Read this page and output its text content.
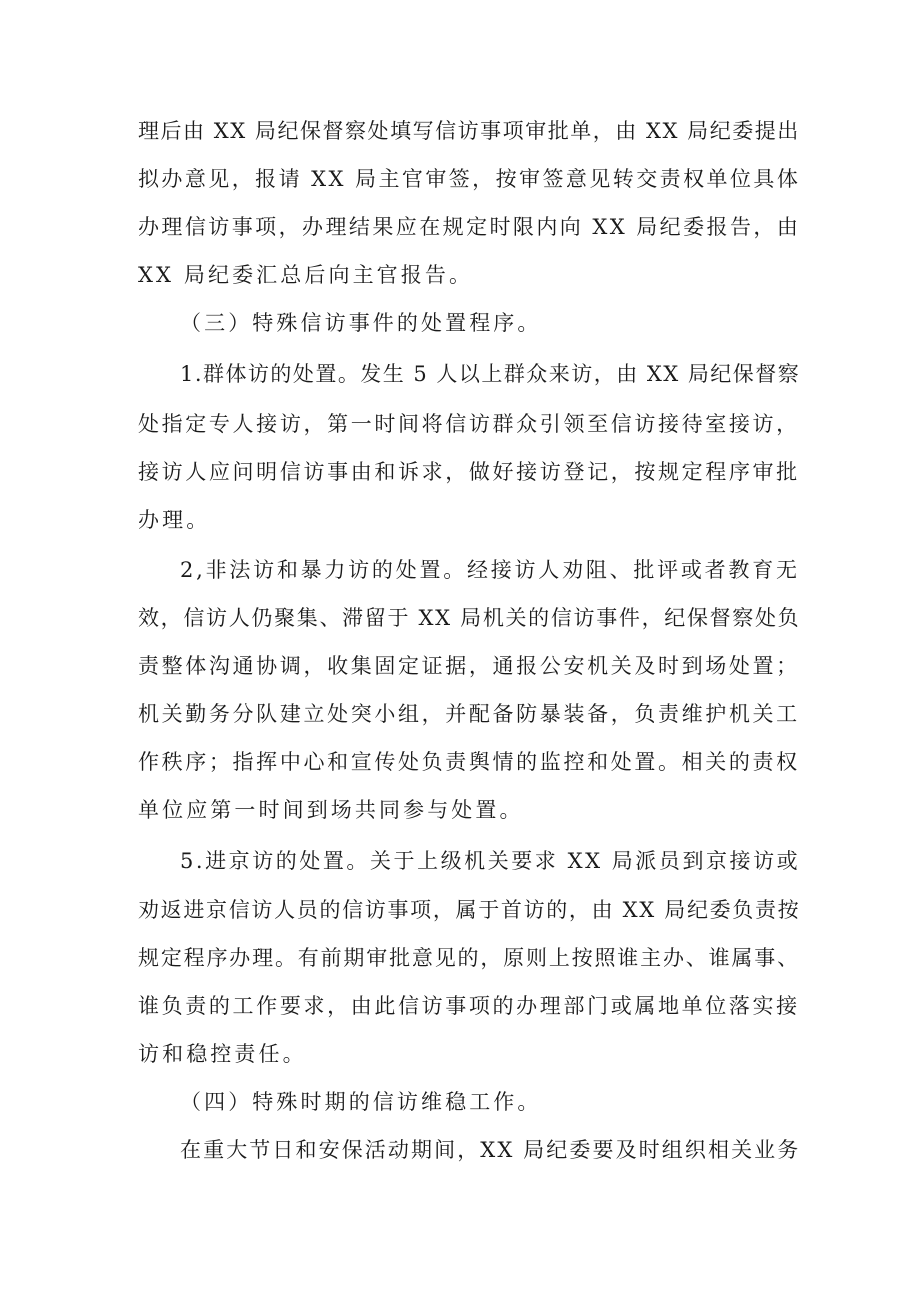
理后由 XX 局纪保督察处填写信访事项审批单，由 XX 局纪委提出

拟办意见，报请 XX 局主官审签，按审签意见转交责权单位具体

办理信访事项，办理结果应在规定时限内向 XX 局纪委报告，由

XX 局纪委汇总后向主官报告。

（三）特殊信访事件的处置程序。

1.群体访的处置。发生 5 人以上群众来访，由 XX 局纪保督察

处指定专人接访，第一时间将信访群众引领至信访接待室接访，

接访人应问明信访事由和诉求，做好接访登记，按规定程序审批

办理。

2,非法访和暴力访的处置。经接访人劝阻、批评或者教育无

效，信访人仍聚集、滞留于 XX 局机关的信访事件，纪保督察处负

责整体沟通协调，收集固定证据，通报公安机关及时到场处置；

机关勤务分队建立处突小组，并配备防暴装备，负责维护机关工

作秩序；指挥中心和宣传处负责舆情的监控和处置。相关的责权

单位应第一时间到场共同参与处置。

5.进京访的处置。关于上级机关要求 XX 局派员到京接访或

劝返进京信访人员的信访事项，属于首访的，由 XX 局纪委负责按

规定程序办理。有前期审批意见的，原则上按照谁主办、谁属事、

谁负责的工作要求，由此信访事项的办理部门或属地单位落实接

访和稳控责任。

（四）特殊时期的信访维稳工作。

在重大节日和安保活动期间，XX 局纪委要及时组织相关业务
